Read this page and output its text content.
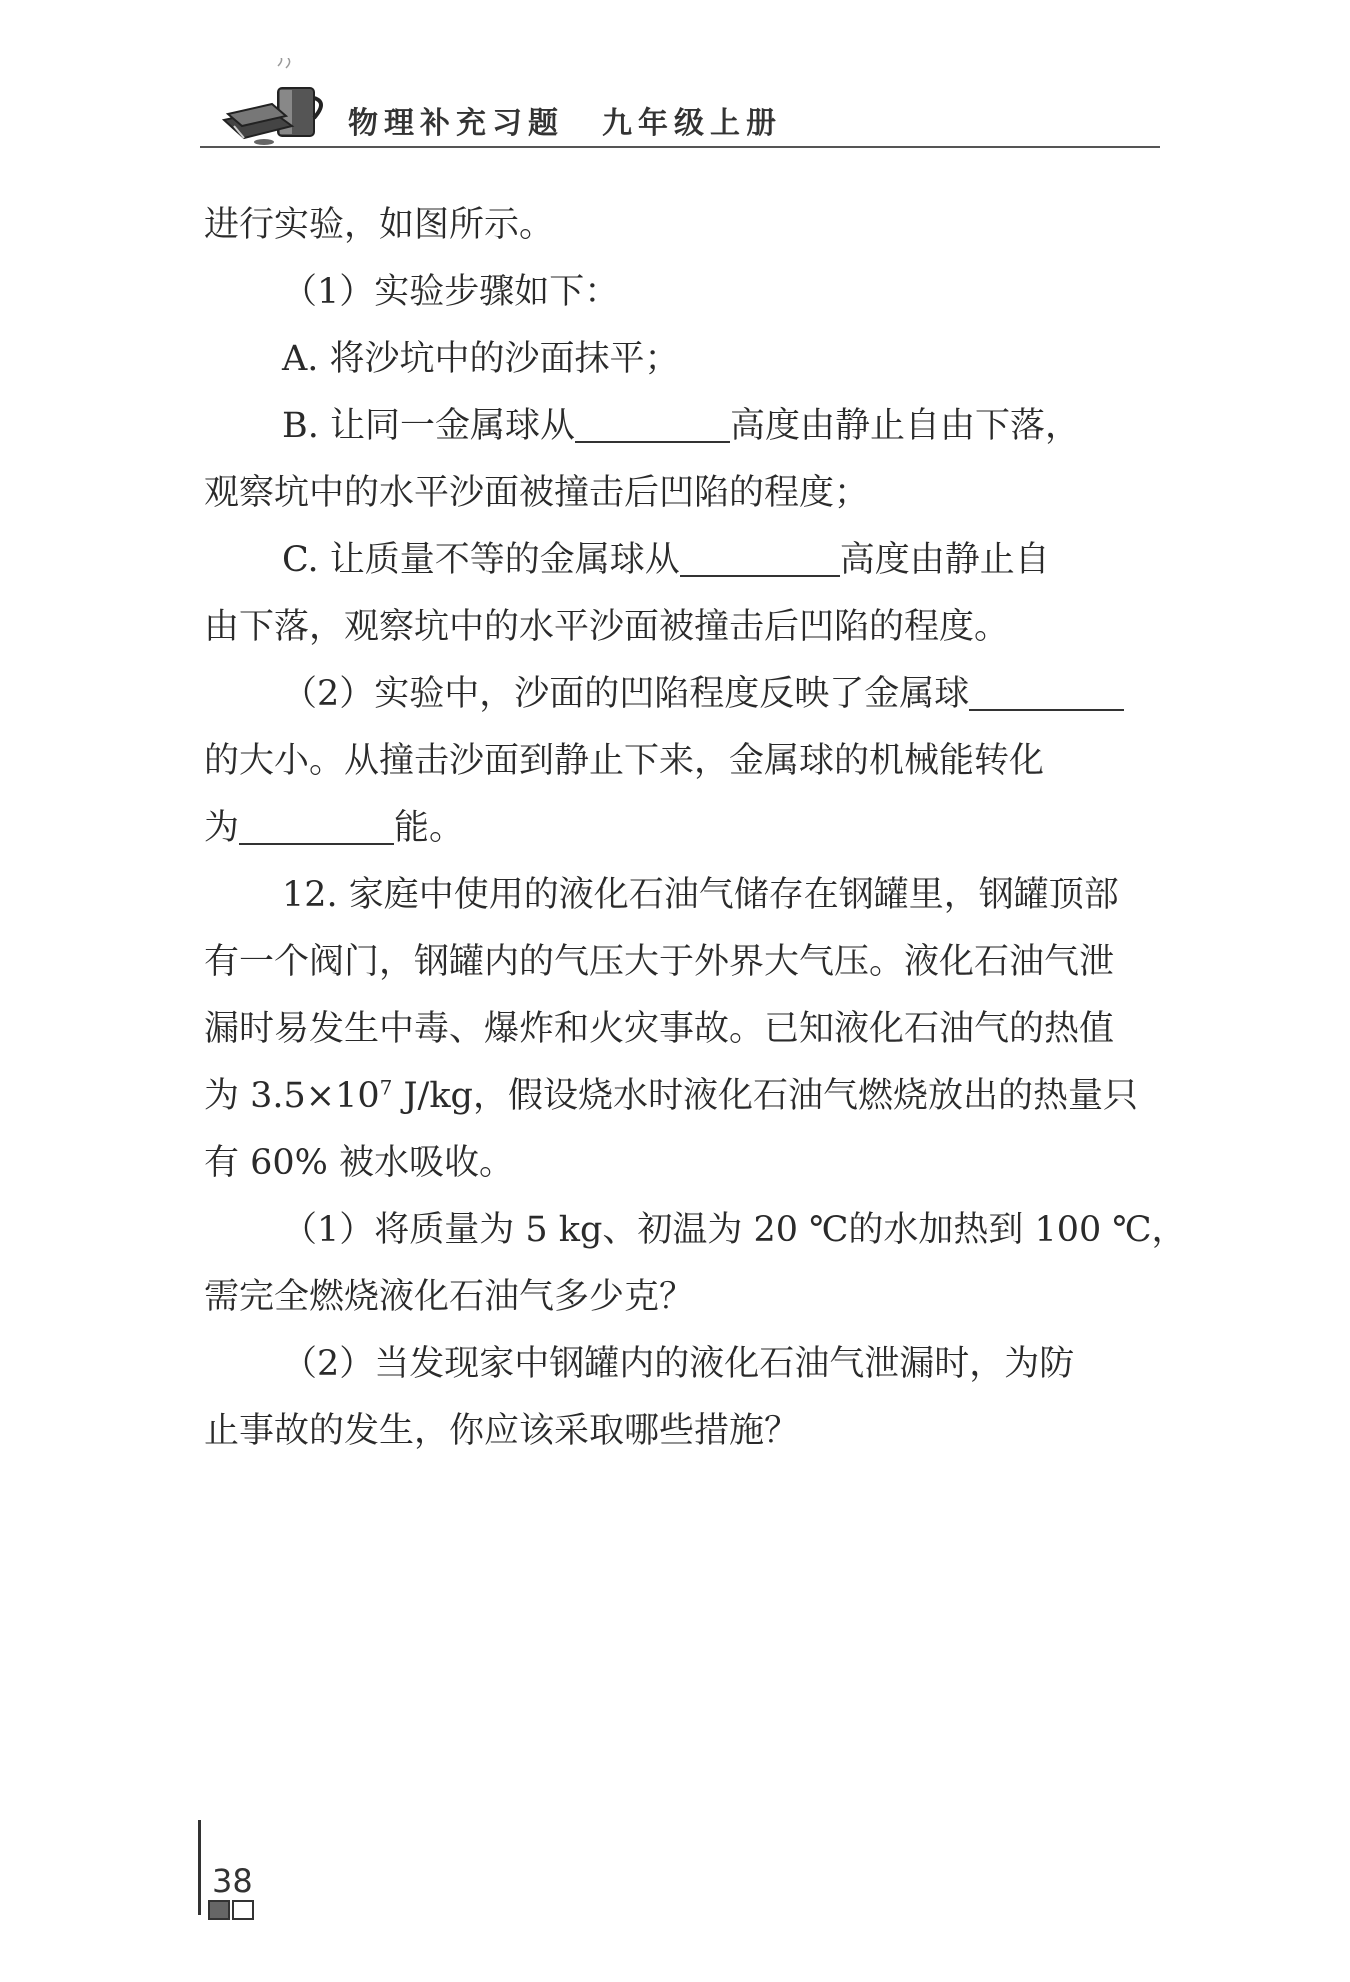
物理补充习题 九年级上册
进行实验，如图所示。
（1）实验步骤如下：
A. 将沙坑中的沙面抹平；
B. 让同一金属球从	高度由静止自由下落，
观察坑中的水平沙面被撞击后凹陷的程度；
C. 让质量不等的金属球从	高度由静止自
由下落，观察坑中的水平沙面被撞击后凹陷的程度。
（2）实验中，沙面的凹陷程度反映了金属球
的大小。从撞击沙面到静止下来，金属球的机械能转化
为	能。
12. 家庭中使用的液化石油气储存在钢罐里，钢罐顶部
有一个阀门，钢罐内的气压大于外界大气压。液化石油气泄
漏时易发生中毒、爆炸和火灾事故。已知液化石油气的热值
为 $3.5\times 10^7$ J/kg，假设烧水时液化石油气燃烧放出的热量只
有 60% 被水吸收。
（1）将质量为 5 kg、初温为 20 ℃的水加热到 100 ℃，
需完全燃烧液化石油气多少克？
（2）当发现家中钢罐内的液化石油气泄漏时，为防
止事故的发生，你应该采取哪些措施？
38
